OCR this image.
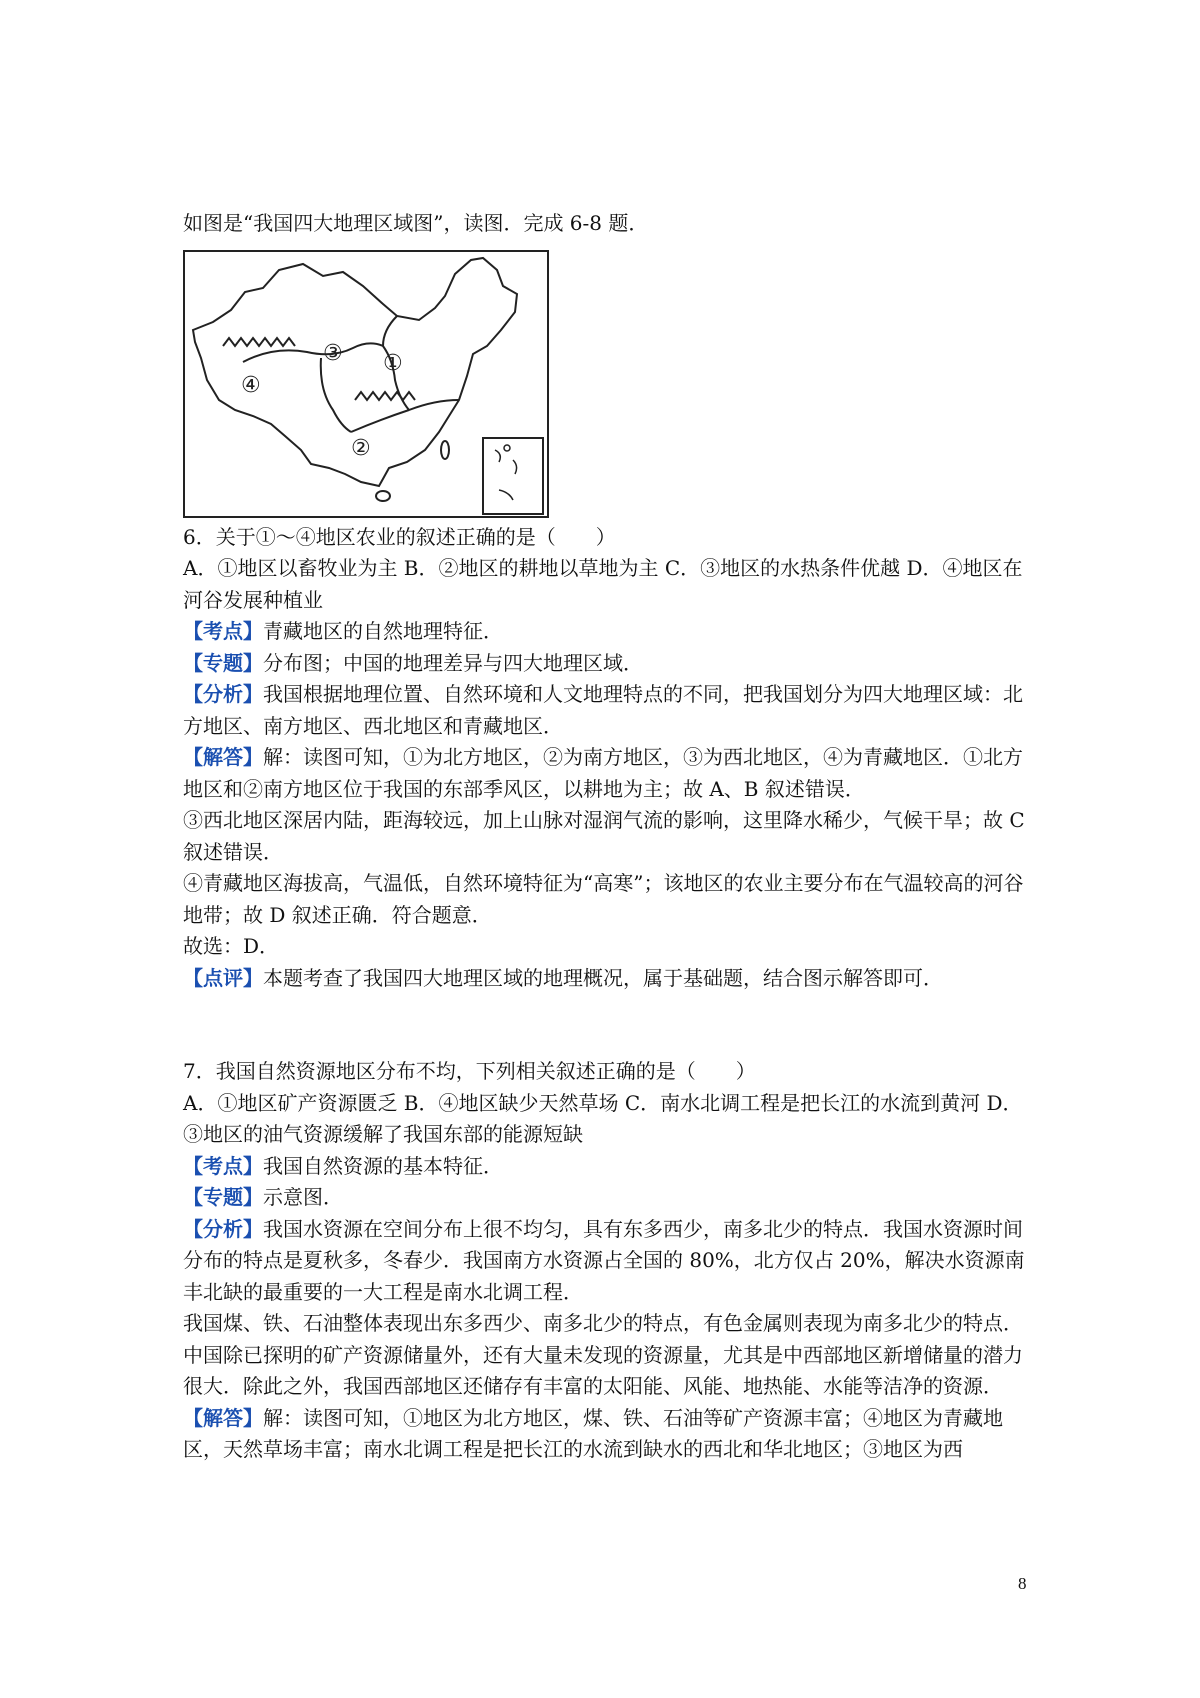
如图是“我国四大地理区域图”，读图．完成 6-8 题．
①
②
③
④
6．关于①～④地区农业的叙述正确的是（　　）
A．①地区以畜牧业为主 B．②地区的耕地以草地为主 C．③地区的水热条件优越 D．④地区在河谷发展种植业
【考点】青藏地区的自然地理特征．
【专题】分布图；中国的地理差异与四大地理区域．
【分析】我国根据地理位置、自然环境和人文地理特点的不同，把我国划分为四大地理区域：北方地区、南方地区、西北地区和青藏地区．
【解答】解：读图可知，①为北方地区，②为南方地区，③为西北地区，④为青藏地区．①北方地区和②南方地区位于我国的东部季风区，以耕地为主；故 A、B 叙述错误．
③西北地区深居内陆，距海较远，加上山脉对湿润气流的影响，这里降水稀少，气候干旱；故 C 叙述错误．
④青藏地区海拔高，气温低，自然环境特征为“高寒”；该地区的农业主要分布在气温较高的河谷地带；故 D 叙述正确．符合题意．
故选：D．
【点评】本题考查了我国四大地理区域的地理概况，属于基础题，结合图示解答即可．
7．我国自然资源地区分布不均，下列相关叙述正确的是（　　）
A．①地区矿产资源匮乏 B．④地区缺少天然草场 C．南水北调工程是把长江的水流到黄河 D．③地区的油气资源缓解了我国东部的能源短缺
【考点】我国自然资源的基本特征．
【专题】示意图．
【分析】我国水资源在空间分布上很不均匀，具有东多西少，南多北少的特点．我国水资源时间分布的特点是夏秋多，冬春少．我国南方水资源占全国的 80%，北方仅占 20%，解决水资源南丰北缺的最重要的一大工程是南水北调工程．
我国煤、铁、石油整体表现出东多西少、南多北少的特点，有色金属则表现为南多北少的特点．中国除已探明的矿产资源储量外，还有大量未发现的资源量，尤其是中西部地区新增储量的潜力很大．除此之外，我国西部地区还储存有丰富的太阳能、风能、地热能、水能等洁净的资源．
【解答】解：读图可知，①地区为北方地区，煤、铁、石油等矿产资源丰富；④地区为青藏地区，天然草场丰富；南水北调工程是把长江的水流到缺水的西北和华北地区；③地区为西
8
